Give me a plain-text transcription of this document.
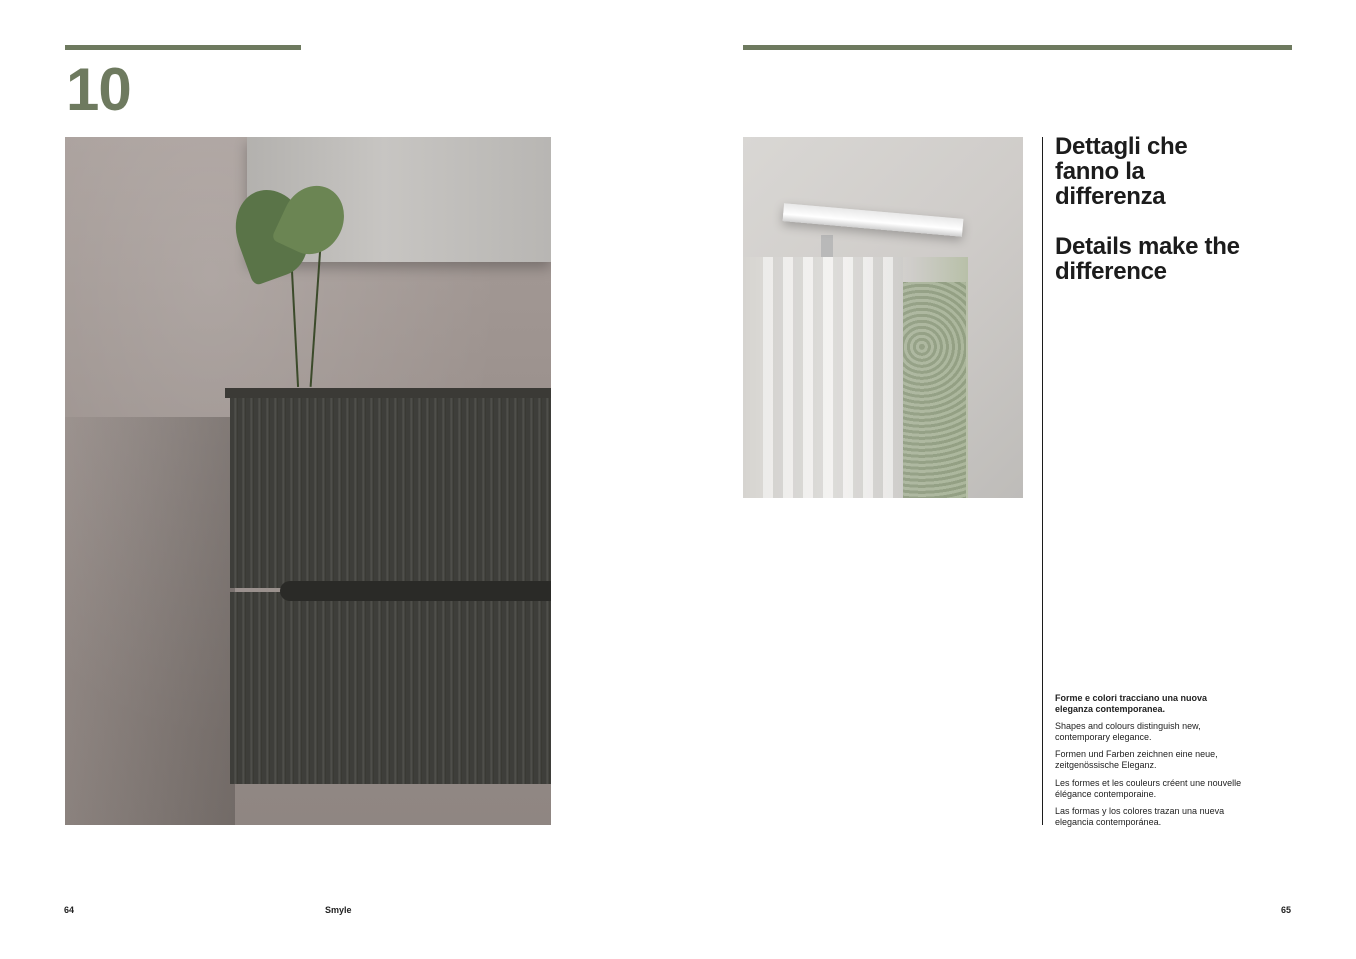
10
Dettagli che fanno la differenza
Details make the difference
Forme e colori tracciano una nuova eleganza contemporanea.
Shapes and colours distinguish new, contemporary elegance.
Formen und Farben zeichnen eine neue, zeitgenössische Eleganz.
Les formes et les couleurs créent une nouvelle élégance contemporaine.
Las formas y los colores trazan una nueva elegancia contemporánea.
64	Smyle	65
